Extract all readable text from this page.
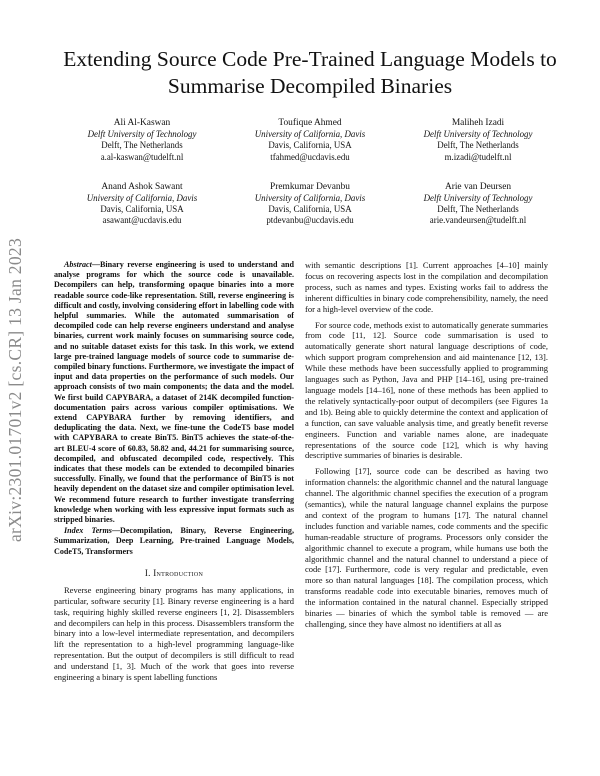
arXiv:2301.01701v2 [cs.CR] 13 Jan 2023
Extending Source Code Pre-Trained Language Models to Summarise Decompiled Binaries
Ali Al-Kaswan
Delft University of Technology
Delft, The Netherlands
a.al-kaswan@tudelft.nl
Toufique Ahmed
University of California, Davis
Davis, California, USA
tfahmed@ucdavis.edu
Maliheh Izadi
Delft University of Technology
Delft, The Netherlands
m.izadi@tudelft.nl
Anand Ashok Sawant
University of California, Davis
Davis, California, USA
asawant@ucdavis.edu
Premkumar Devanbu
University of California, Davis
Davis, California, USA
ptdevanbu@ucdavis.edu
Arie van Deursen
Delft University of Technology
Delft, The Netherlands
arie.vandeursen@tudelft.nl

Abstract—Binary reverse engineering is used to understand and analyse programs for which the source code is unavailable. Decompilers can help, transforming opaque binaries into a more readable source code-like representation. Still, reverse engineering is difficult and costly, involving considering effort in labelling code with helpful summaries. While the automated summarisation of decompiled code can help reverse engineers understand and analyse binaries, current work mainly focuses on summarising source code, and no suitable dataset exists for this task. In this work, we extend large pre-trained language models of source code to summarise de-compiled binary functions. Furthermore, we investigate the impact of input and data properties on the performance of such models. Our approach consists of two main components; the data and the model. We first build CAPYBARA, a dataset of 214K decompiled function-documentation pairs across various compiler optimisations. We extend CAPYBARA further by removing identifiers, and deduplicating the data. Next, we fine-tune the CodeT5 base model with CAPYBARA to create BinT5. BinT5 achieves the state-of-the-art BLEU-4 score of 60.83, 58.82 and, 44.21 for summarising source, decompiled, and obfuscated decompiled code, respectively. This indicates that these models can be extended to decompiled binaries successfully. Finally, we found that the performance of BinT5 is not heavily dependent on the dataset size and compiler optimisation level. We recommend future research to further investigate transferring knowledge when working with less expressive input formats such as stripped binaries.

Index Terms—Decompilation, Binary, Reverse Engineering, Summarization, Deep Learning, Pre-trained Language Models, CodeT5, Transformers

I. Introduction

Reverse engineering binary programs has many applications, in particular, software security [1]. Binary reverse engineering is a hard task, requiring highly skilled reverse engineers [1, 2]. Disassemblers and decompilers can help in this process. Disassemblers transform the binary into a low-level intermediate representation, and decompilers lift the representation to a high-level programming language-like representation. But the output of decompilers is still difficult to read and understand [1, 3]. Much of the work that goes into reverse engineering a binary is spent labelling functions

with semantic descriptions [1]. Current approaches [4–10] mainly focus on recovering aspects lost in the compilation and decompilation process, such as names and types. Existing works fail to address the inherent difficulties in binary code comprehensibility, namely, the need for a high-level overview of the code.

For source code, methods exist to automatically generate summaries from code [11, 12]. Source code summarisation is used to automatically generate short natural language descriptions of code, which support program comprehension and aid maintenance [12, 13]. While these methods have been successfully applied to programming languages such as Python, Java and PHP [14–16], using pre-trained language models [14–16], none of these methods has been applied to the relatively syntactically-poor output of decompilers (see Figures 1a and 1b). Being able to quickly determine the context and application of a function, can save valuable analysis time, and greatly benefit reverse engineers. Function and variable names alone, are inadequate representations of the source code [12], which is why having descriptive summaries of binaries is desirable.

Following [17], source code can be described as having two information channels: the algorithmic channel and the natural language channel. The algorithmic channel specifies the execution of a program (semantics), while the natural language channel explains the purpose and context of the program to humans [17]. The natural channel includes function and variable names, code comments and the specific human-readable structure of programs. Processors only consider the algorithmic channel to execute a program, while humans use both the algorithmic channel and the natural channel to understand a piece of code [17]. Furthermore, code is very regular and predictable, even more so than natural languages [18]. The compilation process, which transforms readable code into executable binaries, removes much of the information contained in the natural channel. Especially stripped binaries — binaries of which the symbol table is removed — are challenging, since they have almost no identifiers at all as
